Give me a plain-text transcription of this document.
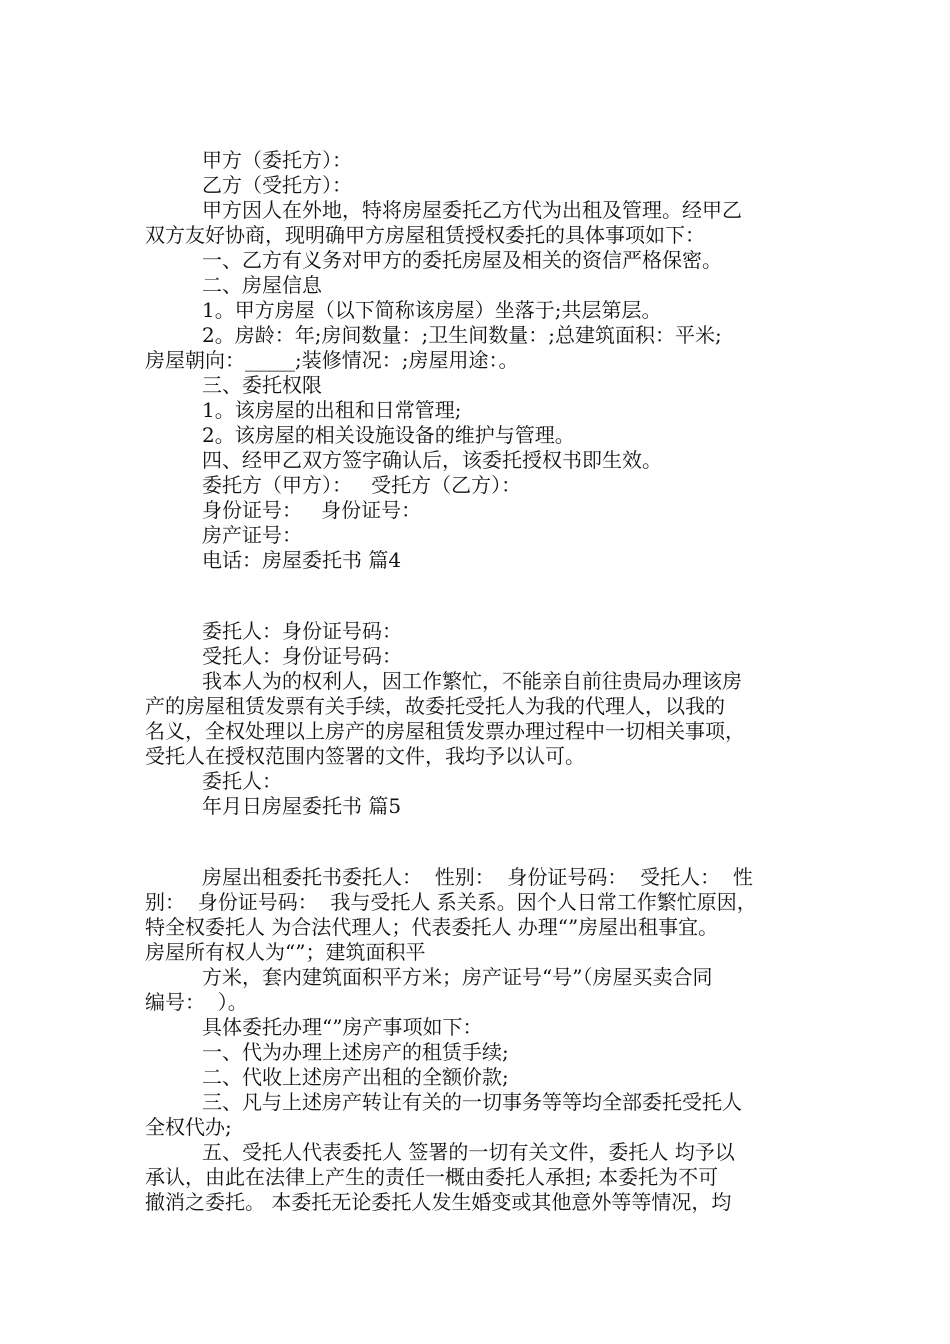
甲方（委托方）：
乙方（受托方）：
甲方因人在外地，特将房屋委托乙方代为出租及管理。经甲乙
双方友好协商，现明确甲方房屋租赁授权委托的具体事项如下：
一、乙方有义务对甲方的委托房屋及相关的资信严格保密。
二、房屋信息
1。甲方房屋（以下简称该房屋）坐落于;共层第层。
2。房龄：年;房间数量：;卫生间数量：;总建筑面积：平米;
房屋朝向：_____;装修情况：;房屋用途：。
三、委托权限
1。该房屋的出租和日常管理;
2。该房屋的相关设施设备的维护与管理。
四、经甲乙双方签字确认后，该委托授权书即生效。
委托方（甲方）：   受托方（乙方）：
身份证号：   身份证号：
房产证号：
电话：房屋委托书 篇4
委托人：身份证号码：
受托人：身份证号码：
我本人为的权利人，因工作繁忙，不能亲自前往贵局办理该房
产的房屋租赁发票有关手续，故委托受托人为我的代理人，以我的
名义，全权处理以上房产的房屋租赁发票办理过程中一切相关事项，
受托人在授权范围内签署的文件，我均予以认可。
委托人：
年月日房屋委托书 篇5
房屋出租委托书委托人：  性别：  身份证号码：  受托人：  性
别：  身份证号码：  我与受托人 系关系。因个人日常工作繁忙原因，
特全权委托人 为合法代理人；代表委托人 办理“”房屋出租事宜。
房屋所有权人为“”；建筑面积平
方米，套内建筑面积平方米；房产证号“号”（房屋买卖合同
编号：  ）。
具体委托办理“”房产事项如下：
一、代为办理上述房产的租赁手续;
二、代收上述房产出租的全额价款;
三、凡与上述房产转让有关的一切事务等等均全部委托受托人
全权代办;
五、受托人代表委托人 签署的一切有关文件，委托人 均予以
承认，由此在法律上产生的责任一概由委托人承担; 本委托为不可
撤消之委托。 本委托无论委托人发生婚变或其他意外等等情况，均
